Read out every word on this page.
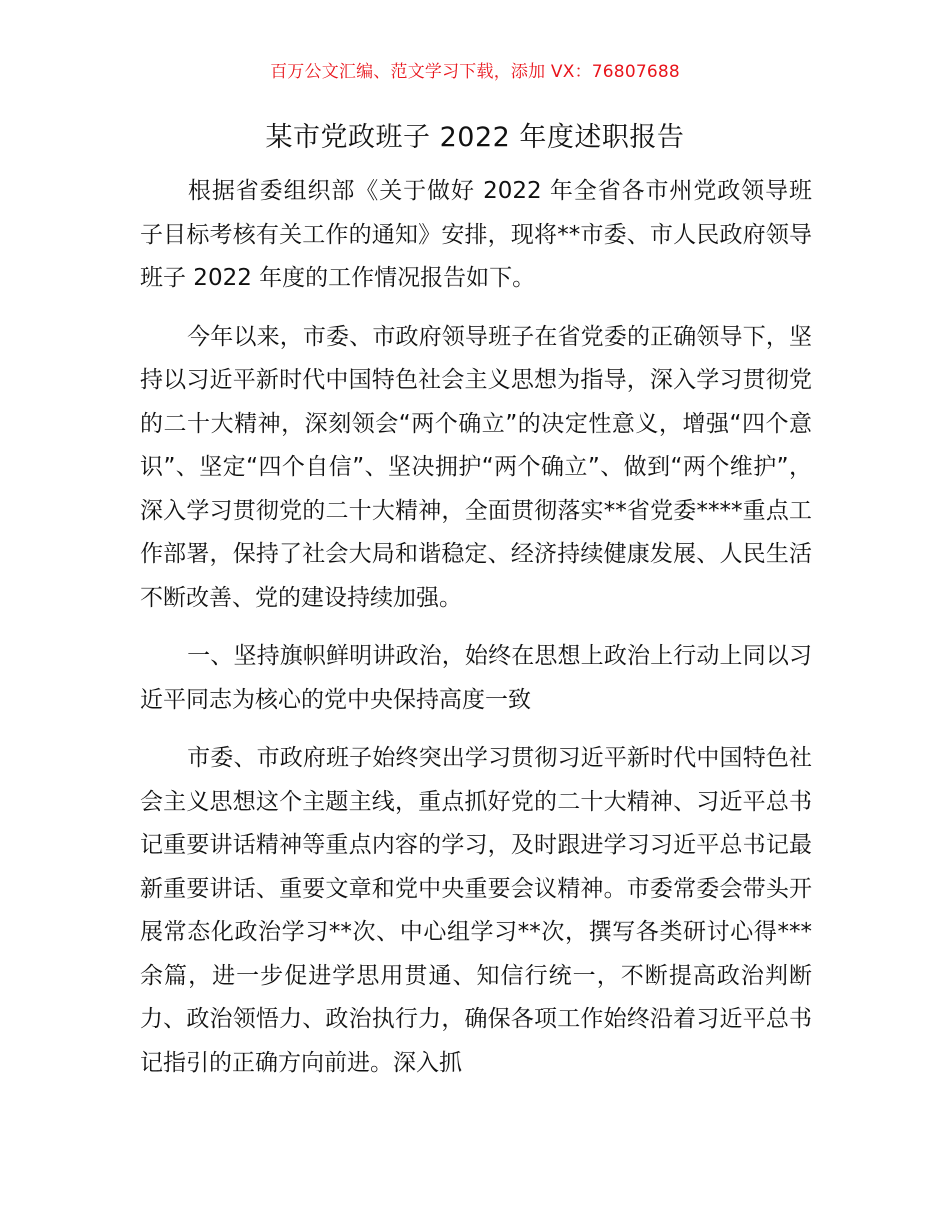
百万公文汇编、范文学习下载，添加 VX：76807688
某市党政班子 2022 年度述职报告

根据省委组织部《关于做好 2022 年全省各市州党政领导班子目标考核有关工作的通知》安排，现将**市委、市人民政府领导班子 2022 年度的工作情况报告如下。

今年以来，市委、市政府领导班子在省党委的正确领导下，坚持以习近平新时代中国特色社会主义思想为指导，深入学习贯彻党的二十大精神，深刻领会“两个确立”的决定性意义，增强“四个意识”、坚定“四个自信”、坚决拥护“两个确立”、做到“两个维护”，深入学习贯彻党的二十大精神，全面贯彻落实**省党委****重点工作部署，保持了社会大局和谐稳定、经济持续健康发展、人民生活不断改善、党的建设持续加强。

一、坚持旗帜鲜明讲政治，始终在思想上政治上行动上同以习近平同志为核心的党中央保持高度一致

市委、市政府班子始终突出学习贯彻习近平新时代中国特色社会主义思想这个主题主线，重点抓好党的二十大精神、习近平总书记重要讲话精神等重点内容的学习，及时跟进学习习近平总书记最新重要讲话、重要文章和党中央重要会议精神。市委常委会带头开展常态化政治学习**次、中心组学习**次，撰写各类研讨心得***余篇，进一步促进学思用贯通、知信行统一，不断提高政治判断力、政治领悟力、政治执行力，确保各项工作始终沿着习近平总书记指引的正确方向前进。深入抓
